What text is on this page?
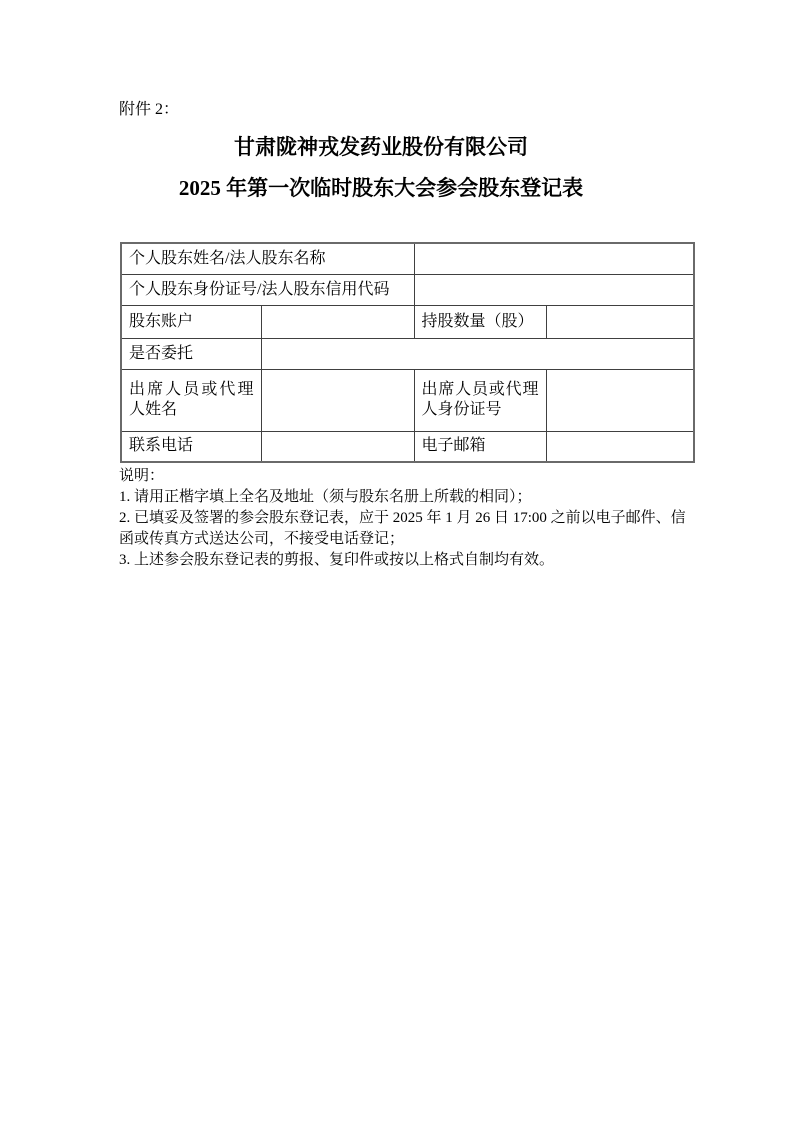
附件 2：
甘肃陇神戎发药业股份有限公司
2025 年第一次临时股东大会参会股东登记表
个人股东姓名/法人股东名称			
个人股东身份证号/法人股东信用代码			
股东账户		持股数量（股）	
是否委托			
出席人员或代理人姓名		出席人员或代理人身份证号	
联系电话		电子邮箱	

说明：

1. 请用正楷字填上全名及地址（须与股东名册上所载的相同）；

2. 已填妥及签署的参会股东登记表，应于 2025 年 1 月 26 日 17:00 之前以电子邮件、信函或传真方式送达公司，不接受电话登记；

3. 上述参会股东登记表的剪报、复印件或按以上格式自制均有效。
